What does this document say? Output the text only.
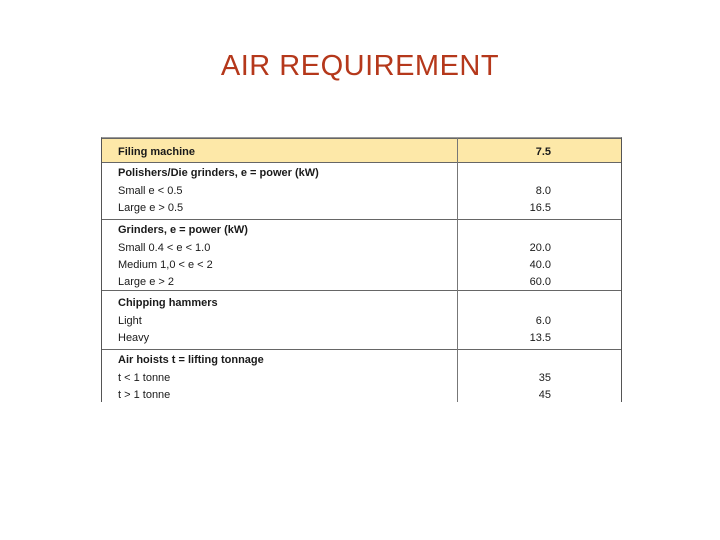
AIR REQUIREMENT
Filing machine	7.5
Polishers/Die grinders, e = power (kW)
Small e < 0.5	8.0
Large e > 0.5	16.5
Grinders, e = power (kW)
Small 0.4 < e < 1.0	20.0
Medium 1,0 < e < 2	40.0
Large e > 2	60.0
Chipping hammers
Light	6.0
Heavy	13.5
Air hoists t = lifting tonnage
t < 1 tonne	35
t > 1 tonne	45
